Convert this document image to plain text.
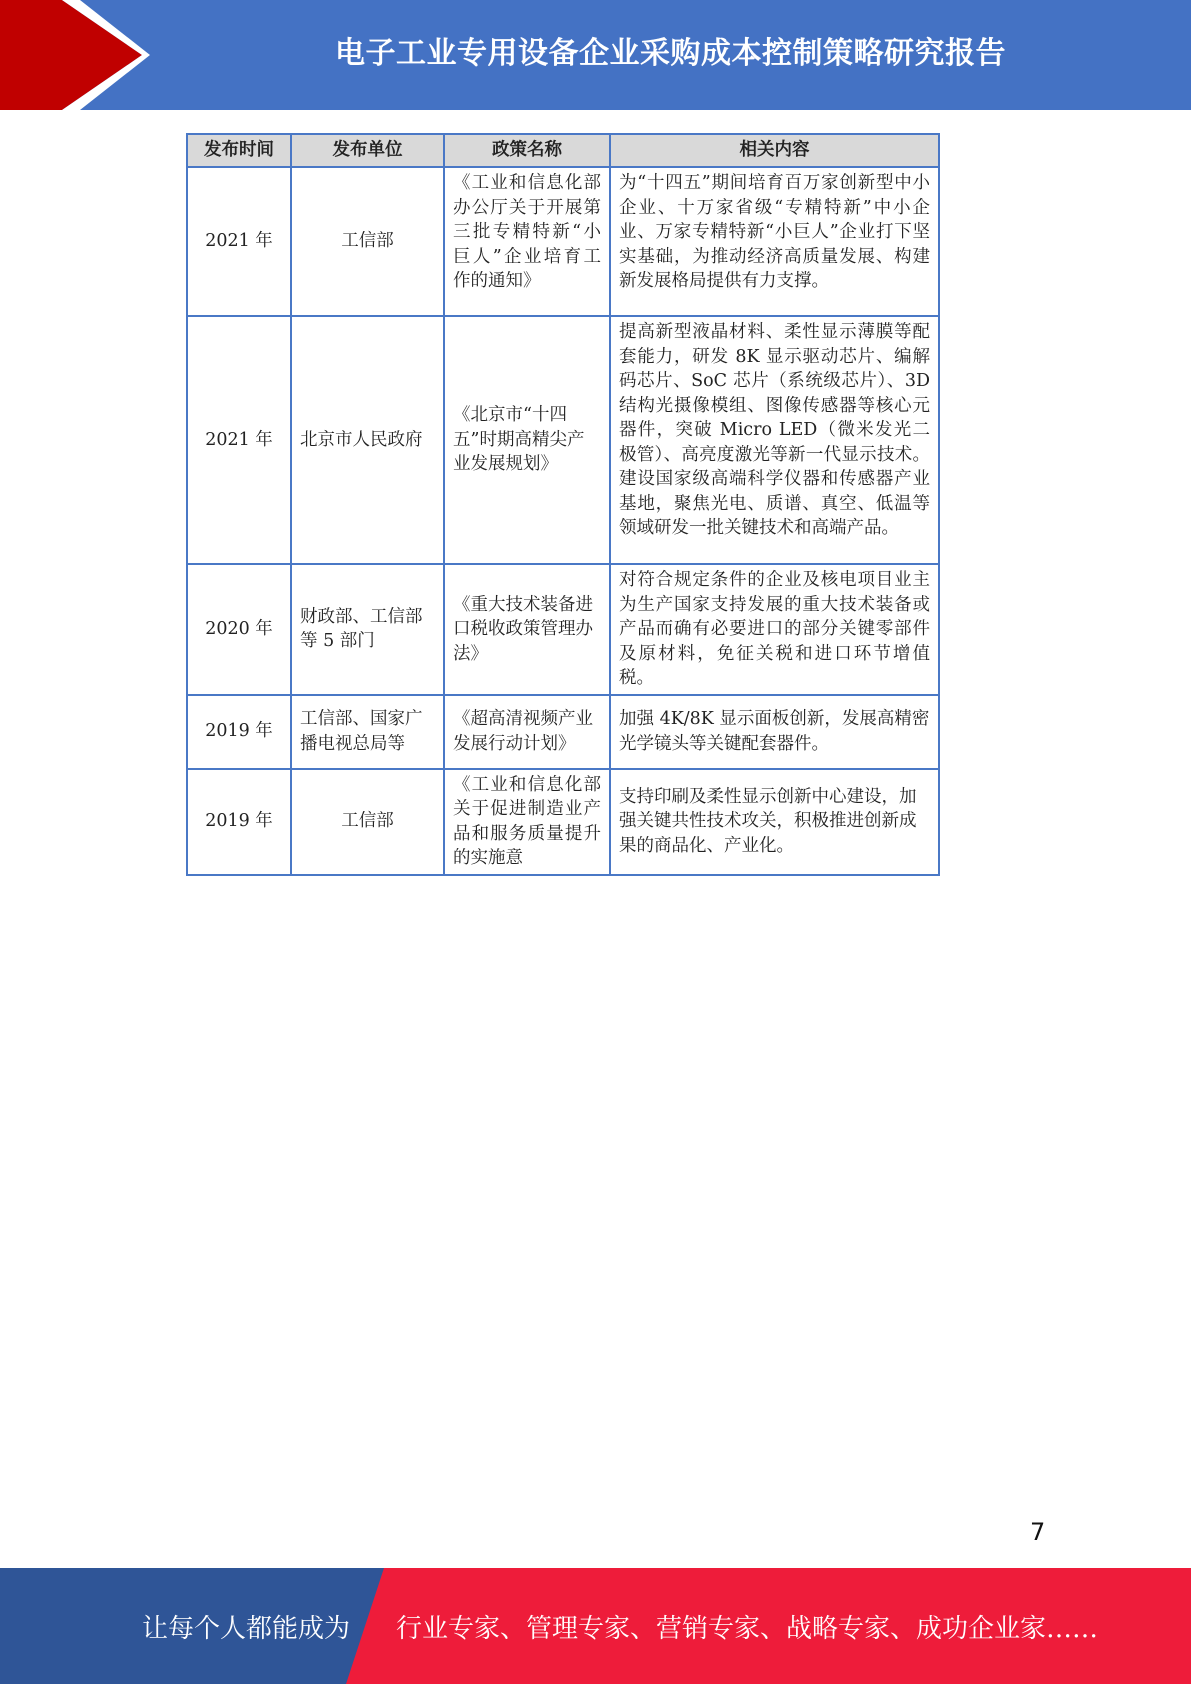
电子工业专用设备企业采购成本控制策略研究报告
发布时间	发布单位	政策名称	相关内容
2021 年	工信部	《工业和信息化部办公厅关于开展第三批专精特新“小巨人”企业培育工作的通知》	为“十四五”期间培育百万家创新型中小企业、十万家省级“专精特新”中小企业、万家专精特新“小巨人”企业打下坚实基础，为推动经济高质量发展、构建新发展格局提供有力支撑。
2021 年	北京市人民政府	《北京市“十四五”时期高精尖产业发展规划》	提高新型液晶材料、柔性显示薄膜等配套能力，研发 8K 显示驱动芯片、编解码芯片、SoC 芯片（系统级芯片）、3D 结构光摄像模组、图像传感器等核心元器件，突破 Micro LED（微米发光二极管）、高亮度激光等新一代显示技术。建设国家级高端科学仪器和传感器产业基地，聚焦光电、质谱、真空、低温等领域研发一批关键技术和高端产品。
2020 年	财政部、工信部等 5 部门	《重大技术装备进口税收政策管理办法》	对符合规定条件的企业及核电项目业主为生产国家支持发展的重大技术装备或产品而确有必要进口的部分关键零部件及原材料，免征关税和进口环节增值税。
2019 年	工信部、国家广播电视总局等	《超高清视频产业发展行动计划》	加强 4K/8K 显示面板创新，发展高精密光学镜头等关键配套器件。
2019 年	工信部	《工业和信息化部关于促进制造业产品和服务质量提升的实施意	支持印刷及柔性显示创新中心建设，加强关键共性技术攻关，积极推进创新成果的商品化、产业化。
7
让每个人都能成为 行业专家、管理专家、营销专家、战略专家、成功企业家……
